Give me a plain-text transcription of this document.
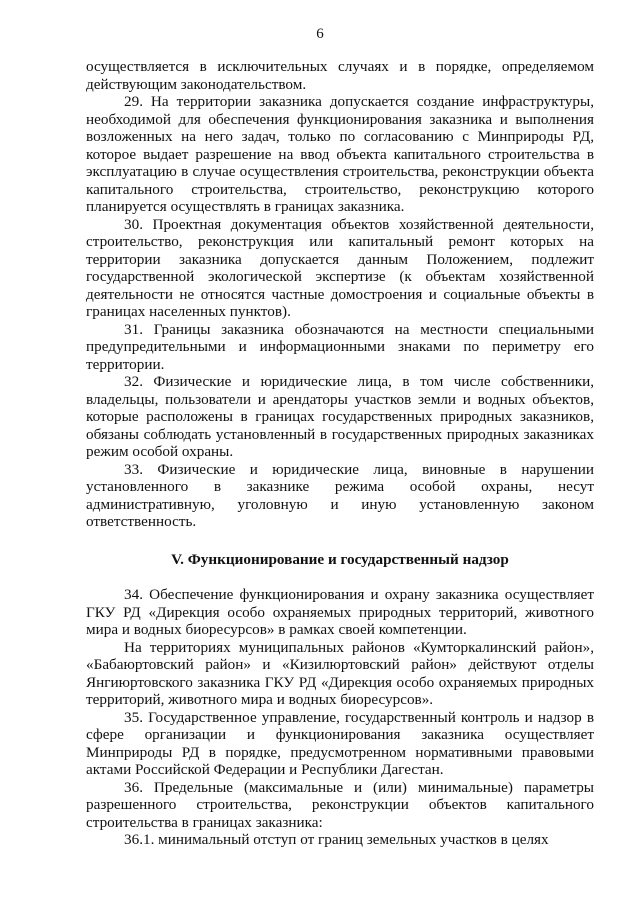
6

осуществляется в исключительных случаях и в порядке, определяемом действующим законодательством.

29. На территории заказника допускается создание инфраструктуры, необходимой для обеспечения функционирования заказника и выполнения возложенных на него задач, только по согласованию с Минприроды РД, которое выдает разрешение на ввод объекта капитального строительства в эксплуатацию в случае осуществления строительства, реконструкции объекта капитального строительства, строительство, реконструкцию которого планируется осуществлять в границах заказника.

30. Проектная документация объектов хозяйственной деятельности, строительство, реконструкция или капитальный ремонт которых на территории заказника допускается данным Положением, подлежит государственной экологической экспертизе (к объектам хозяйственной деятельности не относятся частные домостроения и социальные объекты в границах населенных пунктов).

31. Границы заказника обозначаются на местности специальными предупредительными и информационными знаками по периметру его территории.

32. Физические и юридические лица, в том числе собственники, владельцы, пользователи и арендаторы участков земли и водных объектов, которые расположены в границах государственных природных заказников, обязаны соблюдать установленный в государственных природных заказниках режим особой охраны.

33. Физические и юридические лица, виновные в нарушении установленного в заказнике режима особой охраны, несут административную, уголовную и иную установленную законом ответственность.

V. Функционирование и государственный надзор

34. Обеспечение функционирования и охрану заказника осуществляет ГКУ РД «Дирекция особо охраняемых природных территорий, животного мира и водных биоресурсов» в рамках своей компетенции.

На территориях муниципальных районов «Кумторкалинский район», «Бабаюртовский район» и «Кизилюртовский район» действуют отделы Янгиюртовского заказника ГКУ РД «Дирекция особо охраняемых природных территорий, животного мира и водных биоресурсов».

35. Государственное управление, государственный контроль и надзор в сфере организации и функционирования заказника осуществляет Минприроды РД в порядке, предусмотренном нормативными правовыми актами Российской Федерации и Республики Дагестан.

36. Предельные (максимальные и (или) минимальные) параметры разрешенного строительства, реконструкции объектов капитального строительства в границах заказника:

36.1. минимальный отступ от границ земельных участков в целях
